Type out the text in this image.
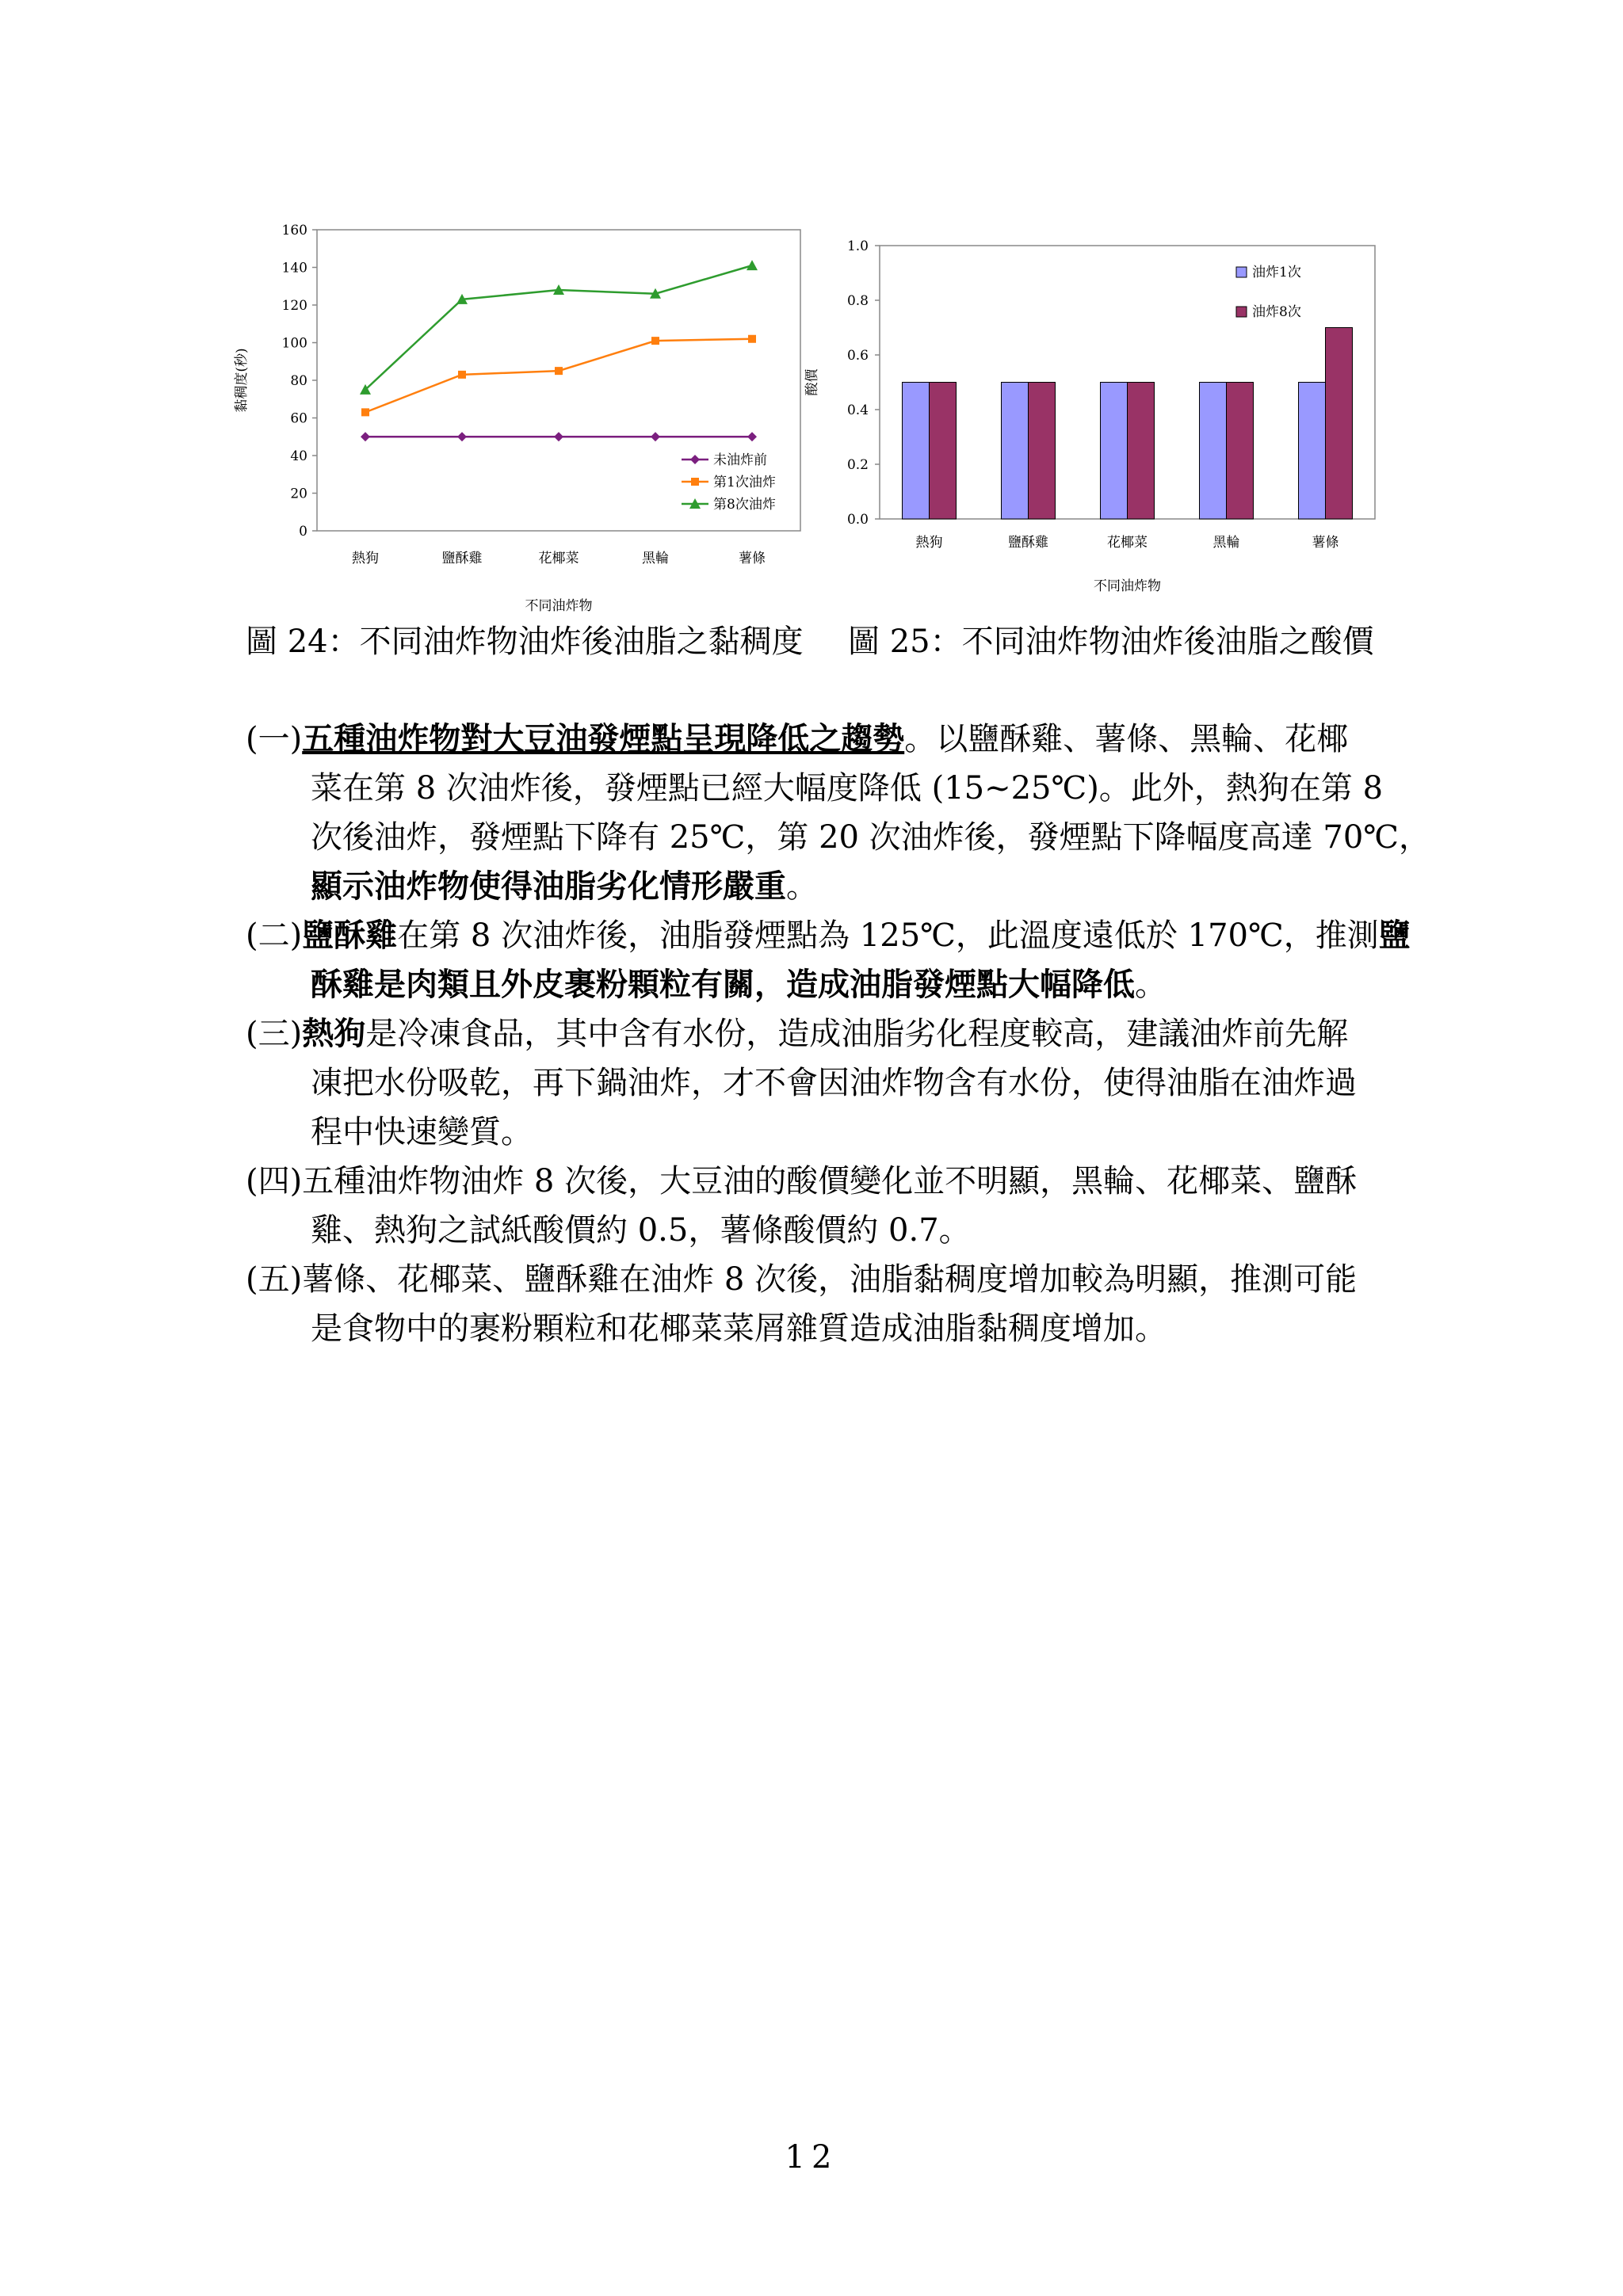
0
20
40
60
80
100
120
140
160
熱狗	鹽酥雞	花椰菜	黑輪	薯條
黏稠度(秒)
不同油炸物
未油炸前
第1次油炸
第8次油炸
0.0
0.2
0.4
0.6
0.8
1.0
熱狗	鹽酥雞	花椰菜	黑輪	薯條
酸價
不同油炸物
油炸1次
油炸8次
圖 24：不同油炸物油炸後油脂之黏稠度 圖 25：不同油炸物油炸後油脂之酸價
(一)五種油炸物對大豆油發煙點呈現降低之趨勢。以鹽酥雞、薯條、黑輪、花椰
菜在第 8 次油炸後，發煙點已經大幅度降低 (15~25℃)。此外，熱狗在第 8
次後油炸，發煙點下降有 25℃，第 20 次油炸後，發煙點下降幅度高達 70℃，
顯示油炸物使得油脂劣化情形嚴重。
(二)鹽酥雞在第 8 次油炸後，油脂發煙點為 125℃，此溫度遠低於 170℃，推測鹽
酥雞是肉類且外皮裹粉顆粒有關，造成油脂發煙點大幅降低。
(三)熱狗是冷凍食品，其中含有水份，造成油脂劣化程度較高，建議油炸前先解
凍把水份吸乾，再下鍋油炸，才不會因油炸物含有水份，使得油脂在油炸過
程中快速變質。
(四)五種油炸物油炸 8 次後，大豆油的酸價變化並不明顯，黑輪、花椰菜、鹽酥
雞、熱狗之試紙酸價約 0.5，薯條酸價約 0.7。
(五)薯條、花椰菜、鹽酥雞在油炸 8 次後，油脂黏稠度增加較為明顯，推測可能
是食物中的裹粉顆粒和花椰菜菜屑雜質造成油脂黏稠度增加。
12
